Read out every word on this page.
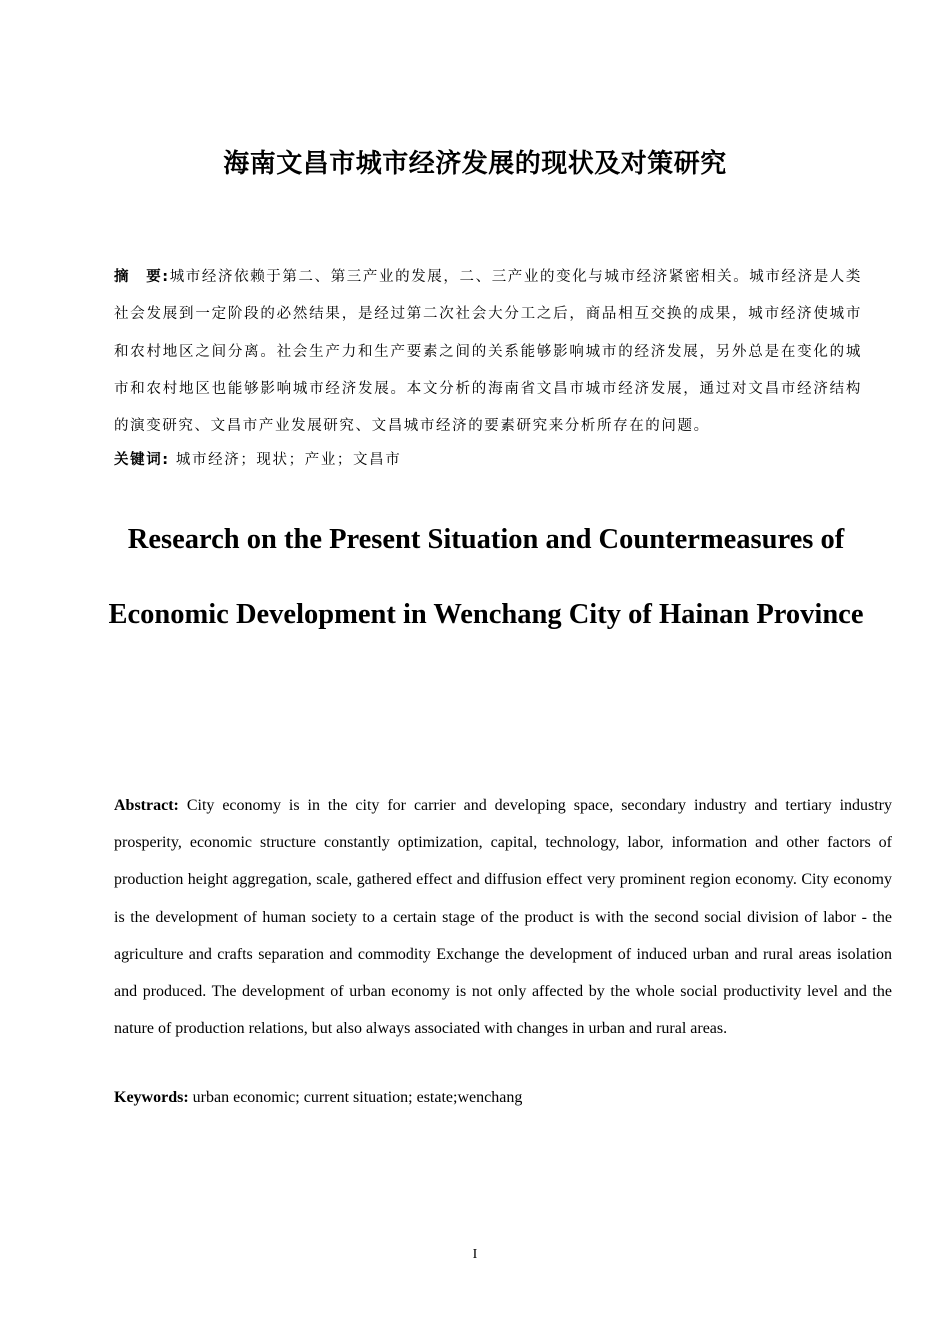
海南文昌市城市经济发展的现状及对策研究

摘　要:城市经济依赖于第二、第三产业的发展，二、三产业的变化与城市经济紧密相关。城市经济是人类社会发展到一定阶段的必然结果，是经过第二次社会大分工之后，商品相互交换的成果，城市经济使城市和农村地区之间分离。社会生产力和生产要素之间的关系能够影响城市的经济发展，另外总是在变化的城市和农村地区也能够影响城市经济发展。本文分析的海南省文昌市城市经济发展，通过对文昌市经济结构的演变研究、文昌市产业发展研究、文昌城市经济的要素研究来分析所存在的问题。

关键词: 城市经济；现状；产业；文昌市

Research on the Present Situation and Countermeasures of Economic Development in Wenchang City of Hainan Province

Abstract: City economy is in the city for carrier and developing space, secondary industry and tertiary industry prosperity, economic structure constantly optimization, capital, technology, labor, information and other factors of production height aggregation, scale, gathered effect and diffusion effect very prominent region economy. City economy is the development of human society to a certain stage of the product is with the second social division of labor - the agriculture and crafts separation and commodity Exchange the development of induced urban and rural areas isolation and produced. The development of urban economy is not only affected by the whole social productivity level and the nature of production relations, but also always associated with changes in urban and rural areas.

Keywords: urban economic; current situation; estate;wenchang

I
